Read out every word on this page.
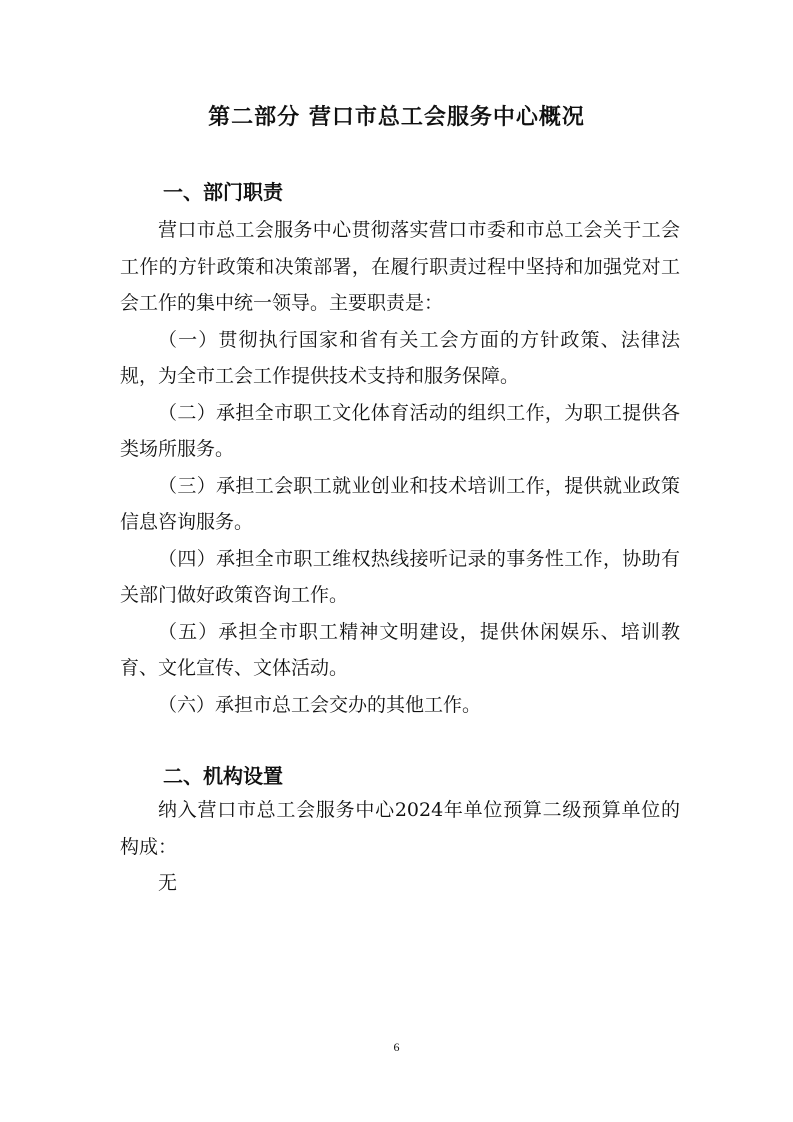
第二部分 营口市总工会服务中心概况
一、部门职责

营口市总工会服务中心贯彻落实营口市委和市总工会关于工会工作的方针政策和决策部署，在履行职责过程中坚持和加强党对工会工作的集中统一领导。主要职责是：

（一）贯彻执行国家和省有关工会方面的方针政策、法律法规，为全市工会工作提供技术支持和服务保障。

（二）承担全市职工文化体育活动的组织工作，为职工提供各类场所服务。

（三）承担工会职工就业创业和技术培训工作，提供就业政策信息咨询服务。

（四）承担全市职工维权热线接听记录的事务性工作，协助有关部门做好政策咨询工作。

（五）承担全市职工精神文明建设，提供休闲娱乐、培训教育、文化宣传、文体活动。

（六）承担市总工会交办的其他工作。

二、机构设置

纳入营口市总工会服务中心2024年单位预算二级预算单位的构成：

无

6
